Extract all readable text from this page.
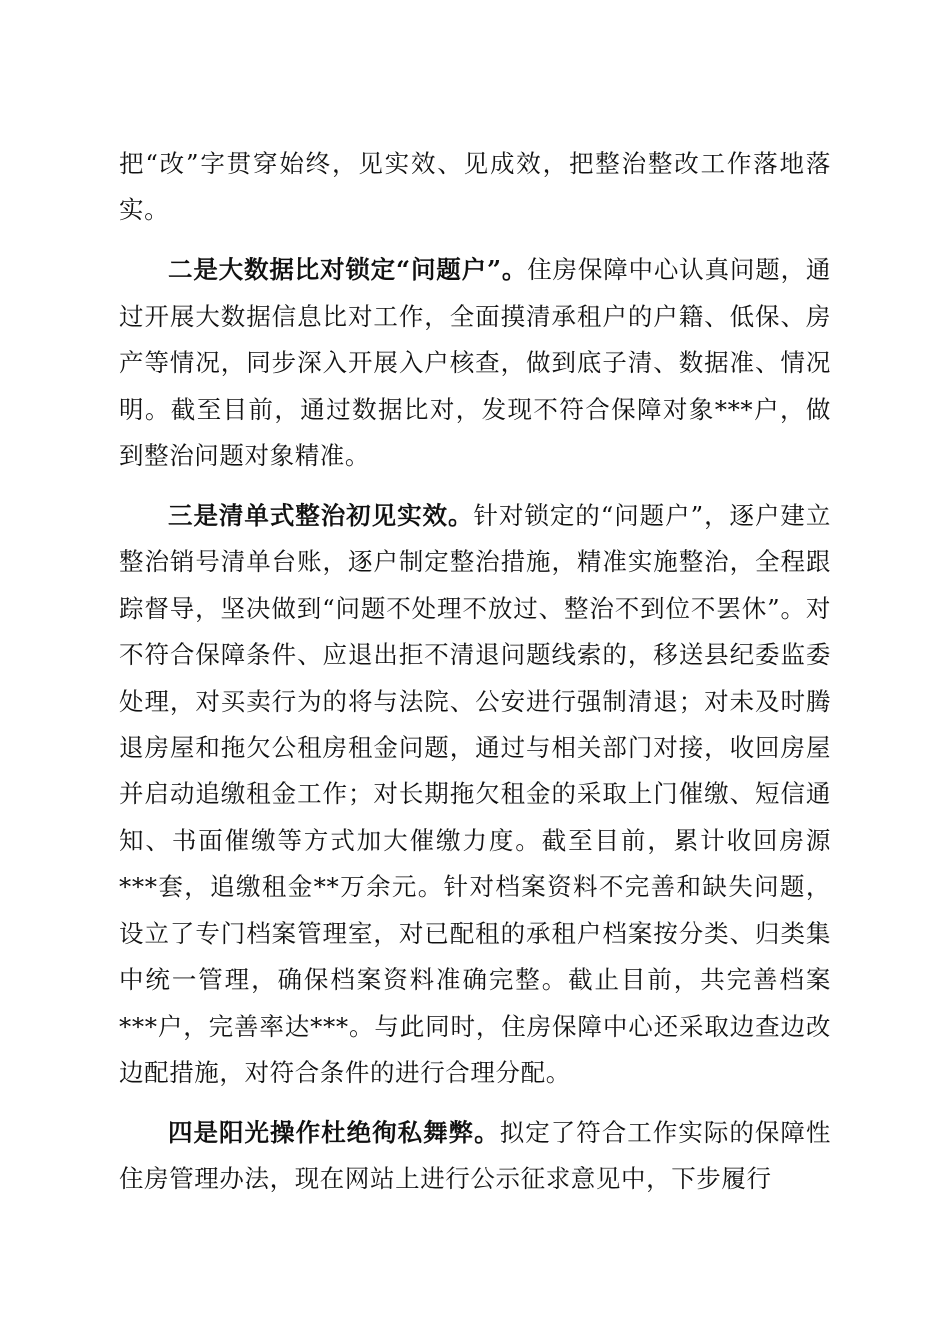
把“改”字贯穿始终，见实效、见成效，把整治整改工作落地落实。

二是大数据比对锁定“问题户”。住房保障中心认真问题，通过开展大数据信息比对工作，全面摸清承租户的户籍、低保、房产等情况，同步深入开展入户核查，做到底子清、数据准、情况明。截至目前，通过数据比对，发现不符合保障对象***户，做到整治问题对象精准。

三是清单式整治初见实效。针对锁定的“问题户”，逐户建立整治销号清单台账，逐户制定整治措施，精准实施整治，全程跟踪督导，坚决做到“问题不处理不放过、整治不到位不罢休”。对不符合保障条件、应退出拒不清退问题线索的，移送县纪委监委处理，对买卖行为的将与法院、公安进行强制清退；对未及时腾退房屋和拖欠公租房租金问题，通过与相关部门对接，收回房屋并启动追缴租金工作；对长期拖欠租金的采取上门催缴、短信通知、书面催缴等方式加大催缴力度。截至目前，累计收回房源***套，追缴租金**万余元。针对档案资料不完善和缺失问题，设立了专门档案管理室，对已配租的承租户档案按分类、归类集中统一管理，确保档案资料准确完整。截止目前，共完善档案***户，完善率达***。与此同时，住房保障中心还采取边查边改边配措施，对符合条件的进行合理分配。

四是阳光操作杜绝徇私舞弊。拟定了符合工作实际的保障性住房管理办法，现在网站上进行公示征求意见中，下步履行
